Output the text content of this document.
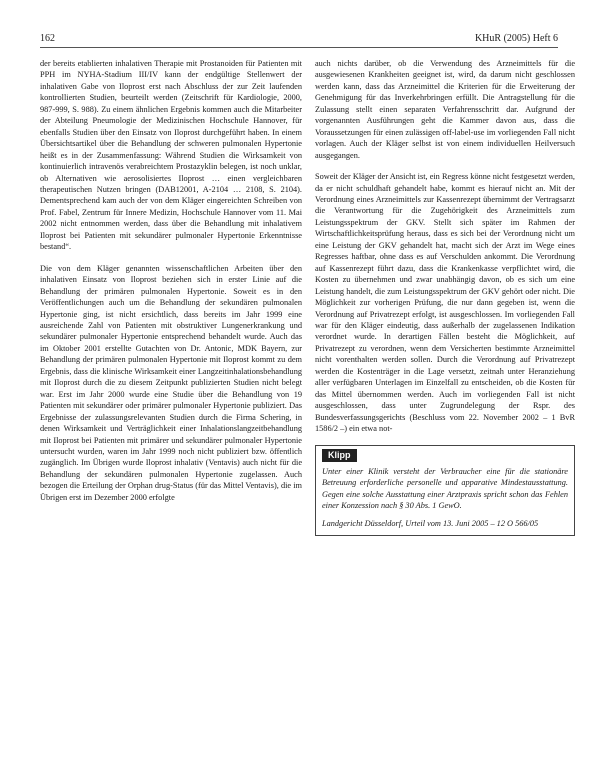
162	KHuR (2005) Heft 6

der bereits etablierten inhalativen Therapie mit Prostanoiden für Patienten mit PPH im NYHA-Stadium III/IV kann der endgültige Stellenwert der inhalativen Gabe von Iloprost erst nach Abschluss der zur Zeit laufenden kontrollierten Studien, beurteilt werden (Zeitschrift für Kardiologie, 2000, 987-999, S. 988). Zu einem ähnlichen Ergebnis kommen auch die Mitarbeiter der Abteilung Pneumologie der Medizinischen Hochschule Hannover, für ebenfalls Studien über den Einsatz von Iloprost durchgeführt haben. In einem Übersichtsartikel über die Behandlung der schweren pulmonalen Hypertonie heißt es in der Zusammenfassung: Während Studien die Wirksamkeit von kontinuierlich intravenös verabreichtem Prostazyklin belegen, ist noch unklar, ob Alternativen wie aerosolisiertes Iloprost … einen vergleichbaren therapeutischen Nutzen bringen (DAB12001, A-2104 … 2108, S. 2104). Dementsprechend kam auch der von dem Kläger eingereichten Schreiben von Prof. Fabel, Zentrum für Innere Medizin, Hochschule Hannover vom 11. Mai 2002 nicht entnommen werden, dass über die Behandlung mit inhalativem Iloprost bei Patienten mit sekundärer pulmonaler Hypertonie Erkenntnisse bestand“.

Die von dem Kläger genannten wissenschaftlichen Arbeiten über den inhalativen Einsatz von Iloprost beziehen sich in erster Linie auf die Behandlung der primären pulmonalen Hypertonie. Soweit es in den Veröffentlichungen auch um die Behandlung der sekundären pulmonalen Hypertonie ging, ist nicht ersichtlich, dass bereits im Jahr 1999 eine ausreichende Zahl von Patienten mit obstruktiver Lungenerkrankung und sekundärer pulmonaler Hypertonie entsprechend behandelt wurde. Auch das im Oktober 2001 erstellte Gutachten von Dr. Antonic, MDK Bayern, zur Behandlung der primären pulmonalen Hypertonie mit Iloprost kommt zu dem Ergebnis, dass die klinische Wirksamkeit einer Langzeitinhalationsbehandlung mit Iloprost durch die zu diesem Zeitpunkt publizierten Studien nicht belegt war. Erst im Jahr 2000 wurde eine Studie über die Behandlung von 19 Patienten mit sekundärer oder primärer pulmonaler Hypertonie publiziert. Das Ergebnisse der zulassungsrelevanten Studien durch die Firma Schering, in denen Wirksamkeit und Verträglichkeit einer Inhalationslangzeitbehandlung mit Iloprost bei Patienten mit primärer und sekundärer pulmonaler Hypertonie untersucht wurden, waren im Jahr 1999 noch nicht publiziert bzw. öffentlich zugänglich. Im Übrigen wurde Iloprost inhalativ (Ventavis) auch nicht für die Behandlung der sekundären pulmonalen Hypertonie zugelassen. Auch bezogen die Erteilung der Orphan drug-Status (für das Mittel Ventavis), die im Übrigen erst im Dezember 2000 erfolgte

auch nichts darüber, ob die Verwendung des Arzneimittels für die ausgewiesenen Krankheiten geeignet ist, wird, da darum nicht geschlossen werden kann, dass das Arzneimittel die Kriterien für die Erweiterung der Genehmigung für das Inverkehrbringen erfüllt. Die Antragstellung für die Zulassung stellt einen separaten Verfahrensschritt dar. Aufgrund der vorgenannten Ausführungen geht die Kammer davon aus, dass die Voraussetzungen für einen zulässigen off-label-use im vorliegenden Fall nicht vorlagen. Auch der Kläger selbst ist von einem individuellen Heilversuch ausgegangen.

Soweit der Kläger der Ansicht ist, ein Regress könne nicht festgesetzt werden, da er nicht schuldhaft gehandelt habe, kommt es hierauf nicht an. Mit der Verordnung eines Arzneimittels zur Kassenrezept übernimmt der Vertragsarzt die Verantwortung für die Zugehörigkeit des Arzneimittels zum Leistungsspektrum der GKV. Stellt sich später im Rahmen der Wirtschaftlichkeitsprüfung heraus, dass es sich bei der Verordnung nicht um eine Leistung der GKV gehandelt hat, macht sich der Arzt im Wege eines Regresses haftbar, ohne dass es auf Verschulden ankommt. Die Verordnung auf Kassenrezept führt dazu, dass die Krankenkasse verpflichtet wird, die Kosten zu übernehmen und zwar unabhängig davon, ob es sich um eine Leistung handelt, die zum Leistungsspektrum der GKV gehört oder nicht. Die Möglichkeit zur vorherigen Prüfung, die nur dann gegeben ist, wenn die Verordnung auf Privatrezept erfolgt, ist ausgeschlossen. Im vorliegenden Fall war für den Kläger eindeutig, dass außerhalb der zugelassenen Indikation verordnet wurde. In derartigen Fällen besteht die Möglichkeit, auf Privatrezept zu verordnen, wenn dem Versicherten bestimmte Arzneimittel nicht vorenthalten werden sollen. Durch die Verordnung auf Privatrezept werden die Kostenträger in die Lage versetzt, zeitnah unter Heranziehung aller verfügbaren Unterlagen im Einzelfall zu entscheiden, ob die Kosten für das Mittel übernommen werden. Auch im vorliegenden Fall ist nicht ausgeschlossen, dass unter Zugrundelegung der Rspr. des Bundesverfassungsgerichts (Beschluss vom 22. November 2002 – 1 BvR 1586/2 –) ein etwa not-

Klipp

Unter einer Klinik versteht der Verbraucher eine für die stationäre Betreuung erforderliche personelle und apparative Mindestausstattung. Gegen eine solche Ausstattung einer Arztpraxis spricht schon das Fehlen einer Konzession nach § 30 Abs. 1 GewO.

Landgericht Düsseldorf, Urteil vom 13. Juni 2005 – 12 O 566/05
